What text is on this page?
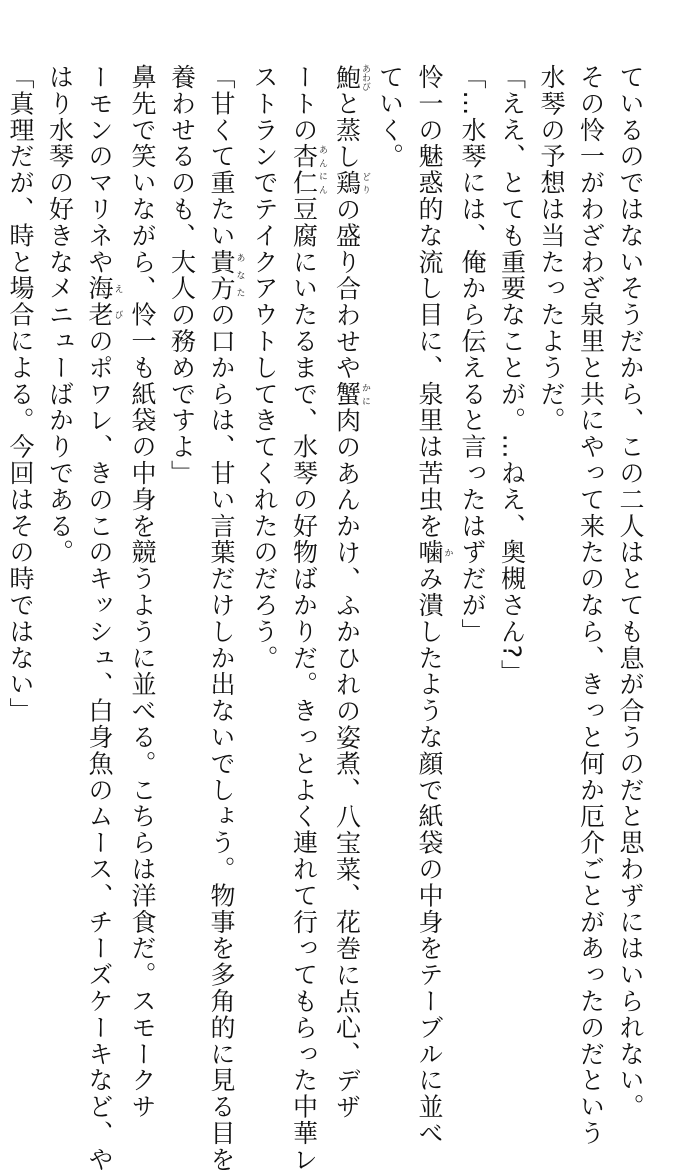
ているのではないそうだから、この二人はとても息が合うのだと思わずにはいられない。
その怜一がわざわざ泉里と共にやって来たのなら、きっと何か厄介ごとがあったのだという
水琴の予想は当たったようだ。
「ええ、とても重要なことが。…ねえ、奥槻さん?」
「…水琴には、俺から伝えると言ったはずだが」
怜一の魅惑的な流し目に、泉里は苦虫を噛かみ潰したような顔で紙袋の中身をテーブルに並べ
ていく。
鮑あわびと蒸し鶏どりの盛り合わせや蟹かに肉のあんかけ、ふかひれの姿煮、八宝菜、花巻に点心、デザ
ートの杏仁あんにん豆腐にいたるまで、水琴の好物ばかりだ。きっとよく連れて行ってもらった中華レ
ストランでテイクアウトしてきてくれたのだろう。
「甘くて重たい貴方あなたの口からは、甘い言葉だけしか出ないでしょう。物事を多角的に見る目を
養わせるのも、大人の務めですよ」
鼻先で笑いながら、怜一も紙袋の中身を競うように並べる。こちらは洋食だ。スモークサ
ーモンのマリネや海老えびのポワレ、きのこのキッシュ、白身魚のムース、チーズケーキなど、や
はり水琴の好きなメニューばかりである。
「真理だが、時と場合による。今回はその時ではない」
